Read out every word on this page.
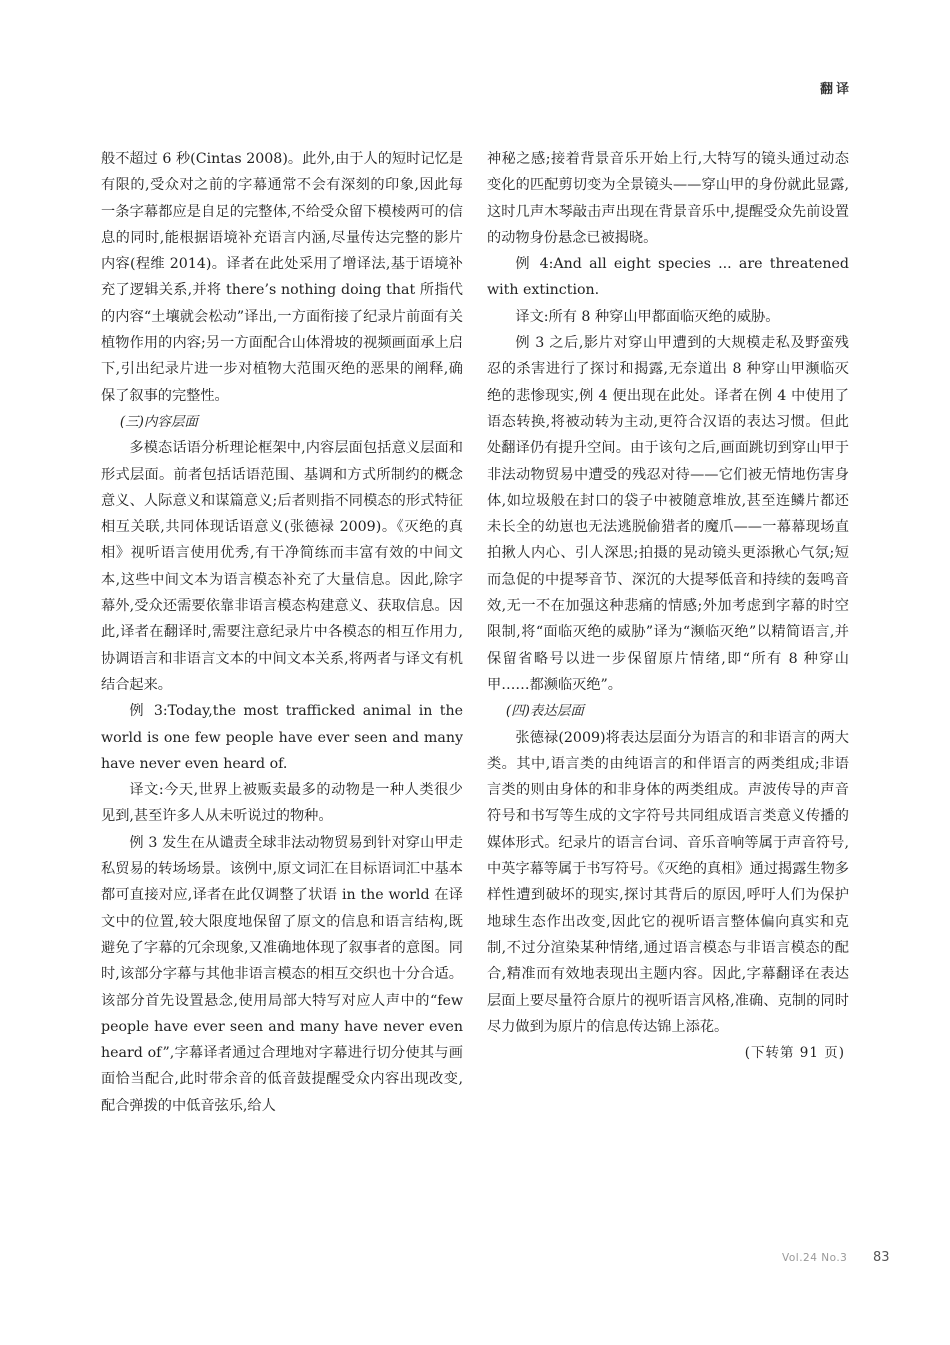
翻译

般不超过 6 秒(Cintas 2008)。此外,由于人的短时记忆是有限的,受众对之前的字幕通常不会有深刻的印象,因此每一条字幕都应是自足的完整体,不给受众留下模棱两可的信息的同时,能根据语境补充语言内涵,尽量传达完整的影片内容(程维 2014)。译者在此处采用了增译法,基于语境补充了逻辑关系,并将 there’s nothing doing that 所指代的内容“土壤就会松动”译出,一方面衔接了纪录片前面有关植物作用的内容;另一方面配合山体滑坡的视频画面承上启下,引出纪录片进一步对植物大范围灭绝的恶果的阐释,确保了叙事的完整性。

(三)内容层面

多模态话语分析理论框架中,内容层面包括意义层面和形式层面。前者包括话语范围、基调和方式所制约的概念意义、人际意义和谋篇意义;后者则指不同模态的形式特征相互关联,共同体现话语意义(张德禄 2009)。《灭绝的真相》视听语言使用优秀,有干净简练而丰富有效的中间文本,这些中间文本为语言模态补充了大量信息。因此,除字幕外,受众还需要依靠非语言模态构建意义、获取信息。因此,译者在翻译时,需要注意纪录片中各模态的相互作用力,协调语言和非语言文本的中间文本关系,将两者与译文有机结合起来。

例 3:Today,the most trafficked animal in the world is one few people have ever seen and many have never even heard of.

译文:今天,世界上被贩卖最多的动物是一种人类很少见到,甚至许多人从未听说过的物种。

例 3 发生在从谴责全球非法动物贸易到针对穿山甲走私贸易的转场场景。该例中,原文词汇在目标语词汇中基本都可直接对应,译者在此仅调整了状语 in the world 在译文中的位置,较大限度地保留了原文的信息和语言结构,既避免了字幕的冗余现象,又准确地体现了叙事者的意图。同时,该部分字幕与其他非语言模态的相互交织也十分合适。该部分首先设置悬念,使用局部大特写对应人声中的“few people have ever seen and many have never even heard of”,字幕译者通过合理地对字幕进行切分使其与画面恰当配合,此时带余音的低音鼓提醒受众内容出现改变,配合弹拨的中低音弦乐,给人

神秘之感;接着背景音乐开始上行,大特写的镜头通过动态变化的匹配剪切变为全景镜头——穿山甲的身份就此显露,这时几声木琴敲击声出现在背景音乐中,提醒受众先前设置的动物身份悬念已被揭晓。

例 4:And all eight species ... are threatened with extinction.

译文:所有 8 种穿山甲都面临灭绝的威胁。

例 3 之后,影片对穿山甲遭到的大规模走私及野蛮残忍的杀害进行了探讨和揭露,无奈道出 8 种穿山甲濒临灭绝的悲惨现实,例 4 便出现在此处。译者在例 4 中使用了语态转换,将被动转为主动,更符合汉语的表达习惯。但此处翻译仍有提升空间。由于该句之后,画面跳切到穿山甲于非法动物贸易中遭受的残忍对待——它们被无情地伤害身体,如垃圾般在封口的袋子中被随意堆放,甚至连鳞片都还未长全的幼崽也无法逃脱偷猎者的魔爪——一幕幕现场直拍揪人内心、引人深思;拍摄的晃动镜头更添揪心气氛;短而急促的中提琴音节、深沉的大提琴低音和持续的轰鸣音效,无一不在加强这种悲痛的情感;外加考虑到字幕的时空限制,将“面临灭绝的威胁”译为“濒临灭绝”以精简语言,并保留省略号以进一步保留原片情绪,即“所有 8 种穿山甲……都濒临灭绝”。

(四)表达层面

张德禄(2009)将表达层面分为语言的和非语言的两大类。其中,语言类的由纯语言的和伴语言的两类组成;非语言类的则由身体的和非身体的两类组成。声波传导的声音符号和书写等生成的文字符号共同组成语言类意义传播的媒体形式。纪录片的语言台词、音乐音响等属于声音符号,中英字幕等属于书写符号。《灭绝的真相》通过揭露生物多样性遭到破坏的现实,探讨其背后的原因,呼吁人们为保护地球生态作出改变,因此它的视听语言整体偏向真实和克制,不过分渲染某种情绪,通过语言模态与非语言模态的配合,精准而有效地表现出主题内容。因此,字幕翻译在表达层面上要尽量符合原片的视听语言风格,准确、克制的同时尽力做到为原片的信息传达锦上添花。

(下转第 91 页)

Vol.24 No.3 83
